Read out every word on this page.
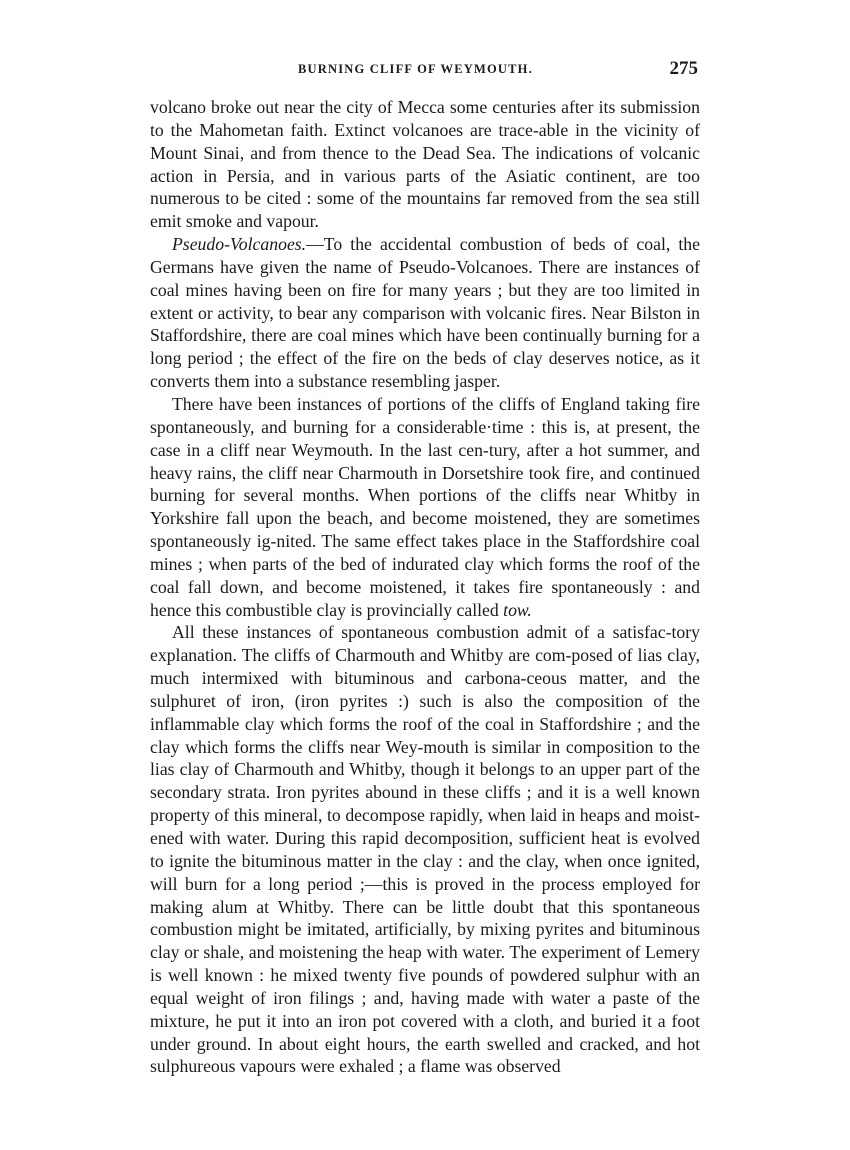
BURNING CLIFF OF WEYMOUTH.	275

volcano broke out near the city of Mecca some centuries after its submission to the Mahometan faith. Extinct volcanoes are trace-able in the vicinity of Mount Sinai, and from thence to the Dead Sea. The indications of volcanic action in Persia, and in various parts of the Asiatic continent, are too numerous to be cited : some of the mountains far removed from the sea still emit smoke and vapour.

Pseudo-Volcanoes.—To the accidental combustion of beds of coal, the Germans have given the name of Pseudo-Volcanoes. There are instances of coal mines having been on fire for many years ; but they are too limited in extent or activity, to bear any comparison with volcanic fires. Near Bilston in Staffordshire, there are coal mines which have been continually burning for a long period ; the effect of the fire on the beds of clay deserves notice, as it converts them into a substance resembling jasper.

There have been instances of portions of the cliffs of England taking fire spontaneously, and burning for a considerable·time : this is, at present, the case in a cliff near Weymouth. In the last cen-tury, after a hot summer, and heavy rains, the cliff near Charmouth in Dorsetshire took fire, and continued burning for several months. When portions of the cliffs near Whitby in Yorkshire fall upon the beach, and become moistened, they are sometimes spontaneously ig-nited. The same effect takes place in the Staffordshire coal mines ; when parts of the bed of indurated clay which forms the roof of the coal fall down, and become moistened, it takes fire spontaneously : and hence this combustible clay is provincially called tow.

All these instances of spontaneous combustion admit of a satisfac-tory explanation. The cliffs of Charmouth and Whitby are com-posed of lias clay, much intermixed with bituminous and carbona-ceous matter, and the sulphuret of iron, (iron pyrites :) such is also the composition of the inflammable clay which forms the roof of the coal in Staffordshire ; and the clay which forms the cliffs near Wey-mouth is similar in composition to the lias clay of Charmouth and Whitby, though it belongs to an upper part of the secondary strata. Iron pyrites abound in these cliffs ; and it is a well known property of this mineral, to decompose rapidly, when laid in heaps and moist-ened with water. During this rapid decomposition, sufficient heat is evolved to ignite the bituminous matter in the clay : and the clay, when once ignited, will burn for a long period ;—this is proved in the process employed for making alum at Whitby. There can be little doubt that this spontaneous combustion might be imitated, artificially, by mixing pyrites and bituminous clay or shale, and moistening the heap with water. The experiment of Lemery is well known : he mixed twenty five pounds of powdered sulphur with an equal weight of iron filings ; and, having made with water a paste of the mixture, he put it into an iron pot covered with a cloth, and buried it a foot under ground. In about eight hours, the earth swelled and cracked, and hot sulphureous vapours were exhaled ; a flame was observed
